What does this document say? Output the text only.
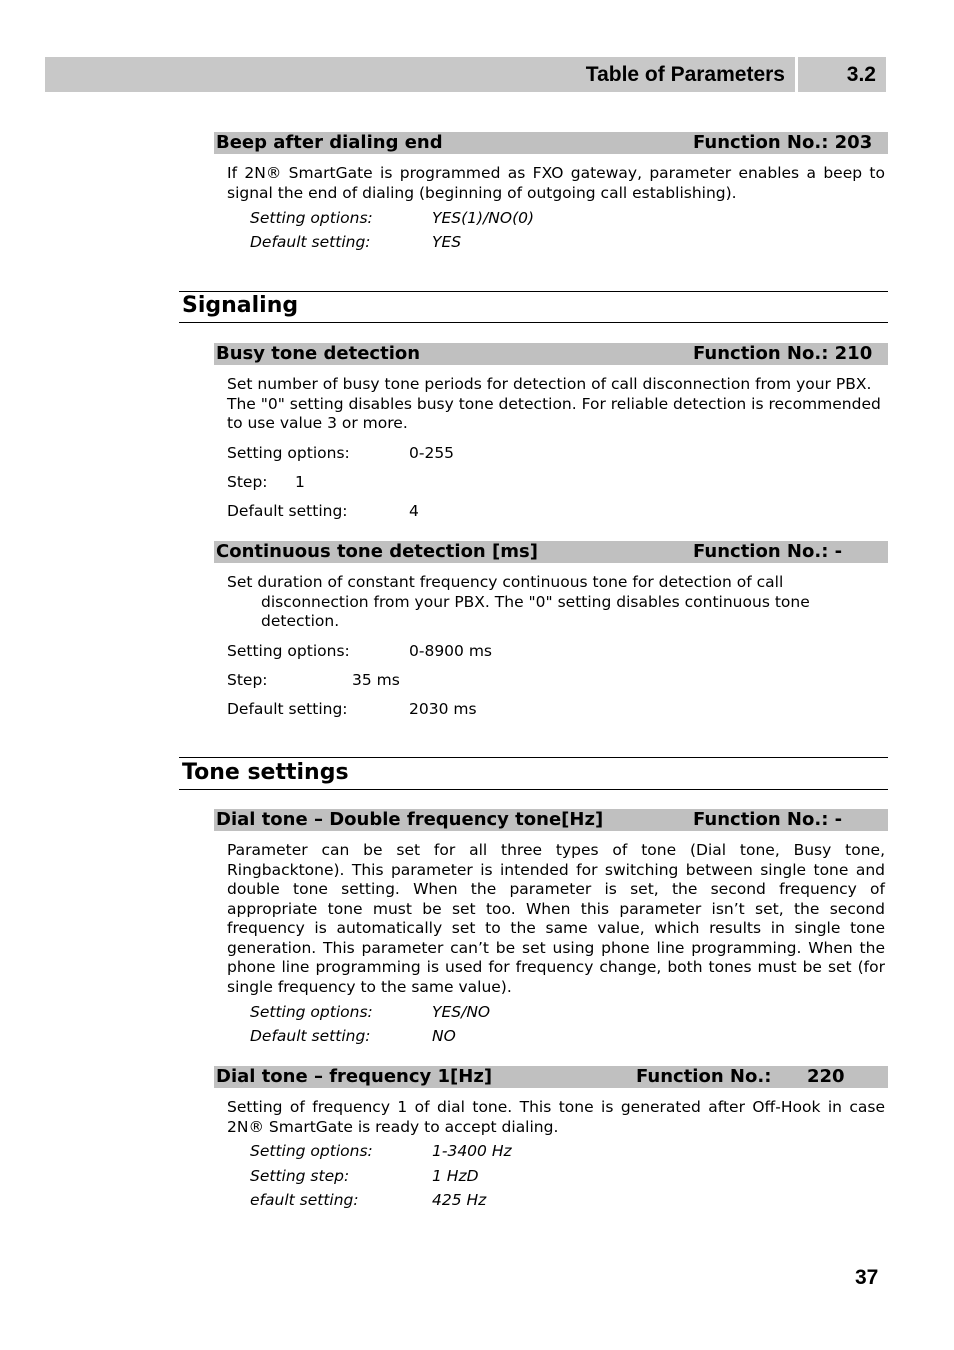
Table of Parameters	3.2
Beep after dialing end	Function No.: 203
If 2N® SmartGate is programmed as FXO gateway, parameter enables a beep to signal the end of dialing (beginning of outgoing call establishing).
Setting options:	YES(1)/NO(0)
Default setting:	YES
Signaling
Busy tone detection	Function No.: 210
Set number of busy tone periods for detection of call disconnection from your PBX. The "0" setting disables busy tone detection. For reliable detection is recommended to use value 3 or more.
Setting options:	0-255
Step: 1
Default setting:	4
Continuous tone detection [ms]	Function No.: -
Set duration of constant frequency continuous tone for detection of call disconnection from your PBX. The "0" setting disables continuous tone detection.
Setting options:	0-8900 ms
Step:	35 ms
Default setting:	2030 ms
Tone settings
Dial tone – Double frequency tone[Hz]	Function No.: -
Parameter can be set for all three types of tone (Dial tone, Busy tone, Ringbacktone). This parameter is intended for switching between single tone and double tone setting. When the parameter is set, the second frequency of appropriate tone must be set too. When this parameter isn’t set, the second frequency is automatically set to the same value, which results in single tone generation. This parameter can’t be set using phone line programming. When the phone line programming is used for frequency change, both tones must be set (for single frequency to the same value).
Setting options:	YES/NO
Default setting:	NO
Dial tone – frequency 1[Hz]	Function No.: 220
Setting of frequency 1 of dial tone. This tone is generated after Off-Hook in case 2N® SmartGate is ready to accept dialing.
Setting options:	1-3400 Hz
Setting step:	1 HzD
efault setting:	425 Hz
37
